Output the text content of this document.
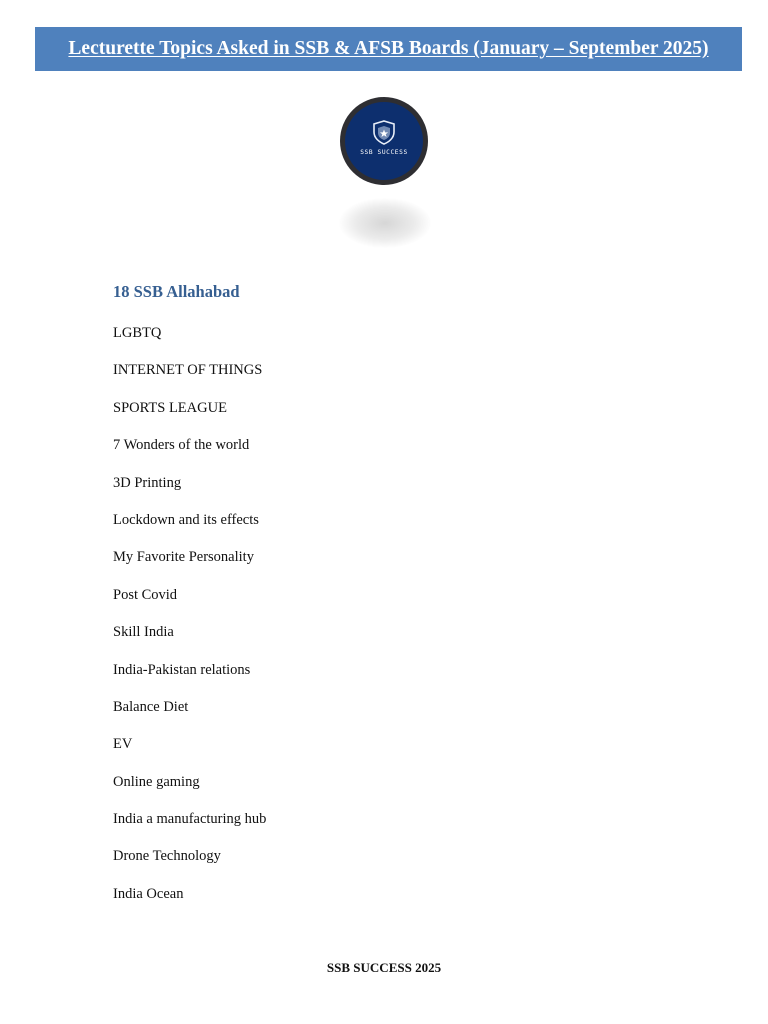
Lecturette Topics Asked in SSB & AFSB Boards (January – September 2025)
SSB SUCCESS
18 SSB Allahabad
LGBTQ
INTERNET OF THINGS
SPORTS LEAGUE
7 Wonders of the world
3D Printing
Lockdown and its effects
My Favorite Personality
Post Covid
Skill India
India-Pakistan relations
Balance Diet
EV
Online gaming
India a manufacturing hub
Drone Technology
India Ocean
SSB SUCCESS 2025
